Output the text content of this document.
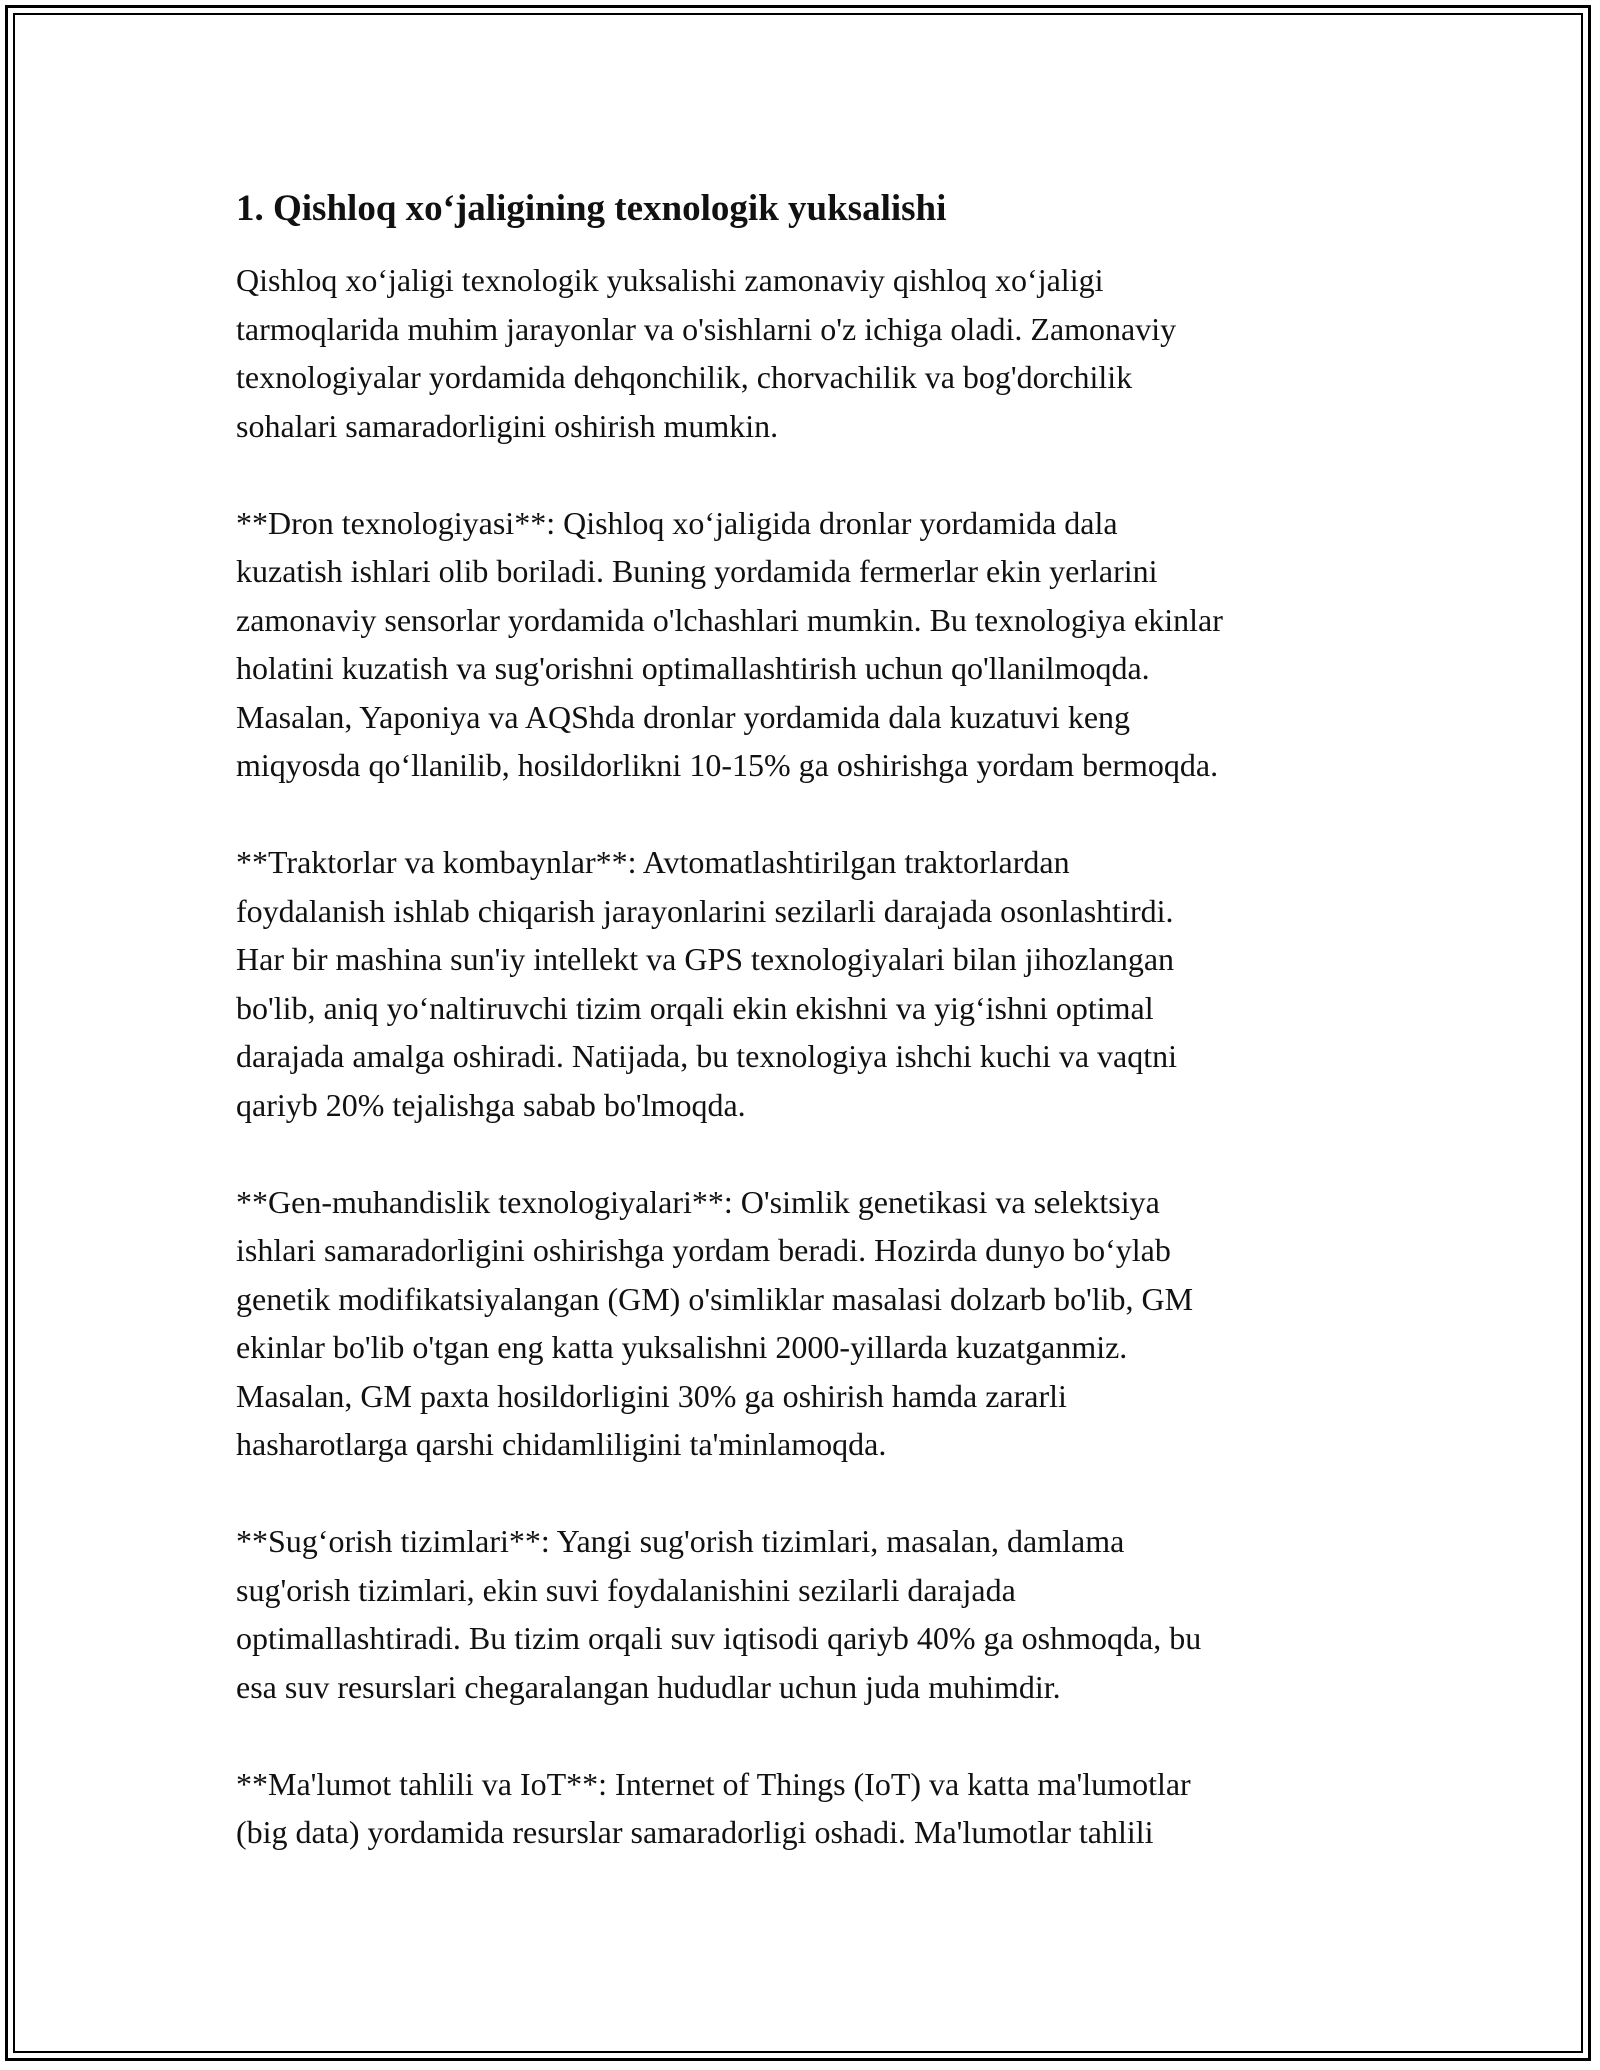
1. Qishloq xo‘jaligining texnologik yuksalishi

Qishloq xo‘jaligi texnologik yuksalishi zamonaviy qishloq xo‘jaligi
tarmoqlarida muhim jarayonlar va o'sishlarni o'z ichiga oladi. Zamonaviy
texnologiyalar yordamida dehqonchilik, chorvachilik va bog'dorchilik
sohalari samaradorligini oshirish mumkin.

**Dron texnologiyasi**: Qishloq xo‘jaligida dronlar yordamida dala
kuzatish ishlari olib boriladi. Buning yordamida fermerlar ekin yerlarini
zamonaviy sensorlar yordamida o'lchashlari mumkin. Bu texnologiya ekinlar
holatini kuzatish va sug'orishni optimallashtirish uchun qo'llanilmoqda.
Masalan, Yaponiya va AQShda dronlar yordamida dala kuzatuvi keng
miqyosda qo‘llanilib, hosildorlikni 10-15% ga oshirishga yordam bermoqda.

**Traktorlar va kombaynlar**: Avtomatlashtirilgan traktorlardan
foydalanish ishlab chiqarish jarayonlarini sezilarli darajada osonlashtirdi.
Har bir mashina sun'iy intellekt va GPS texnologiyalari bilan jihozlangan
bo'lib, aniq yo‘naltiruvchi tizim orqali ekin ekishni va yig‘ishni optimal
darajada amalga oshiradi. Natijada, bu texnologiya ishchi kuchi va vaqtni
qariyb 20% tejalishga sabab bo'lmoqda.

**Gen-muhandislik texnologiyalari**: O'simlik genetikasi va selektsiya
ishlari samaradorligini oshirishga yordam beradi. Hozirda dunyo bo‘ylab
genetik modifikatsiyalangan (GM) o'simliklar masalasi dolzarb bo'lib, GM
ekinlar bo'lib o'tgan eng katta yuksalishni 2000-yillarda kuzatganmiz.
Masalan, GM paxta hosildorligini 30% ga oshirish hamda zararli
hasharotlarga qarshi chidamliligini ta'minlamoqda.

**Sug‘orish tizimlari**: Yangi sug'orish tizimlari, masalan, damlama
sug'orish tizimlari, ekin suvi foydalanishini sezilarli darajada
optimallashtiradi. Bu tizim orqali suv iqtisodi qariyb 40% ga oshmoqda, bu
esa suv resurslari chegaralangan hududlar uchun juda muhimdir.

**Ma'lumot tahlili va IoT**: Internet of Things (IoT) va katta ma'lumotlar
(big data) yordamida resurslar samaradorligi oshadi. Ma'lumotlar tahlili
